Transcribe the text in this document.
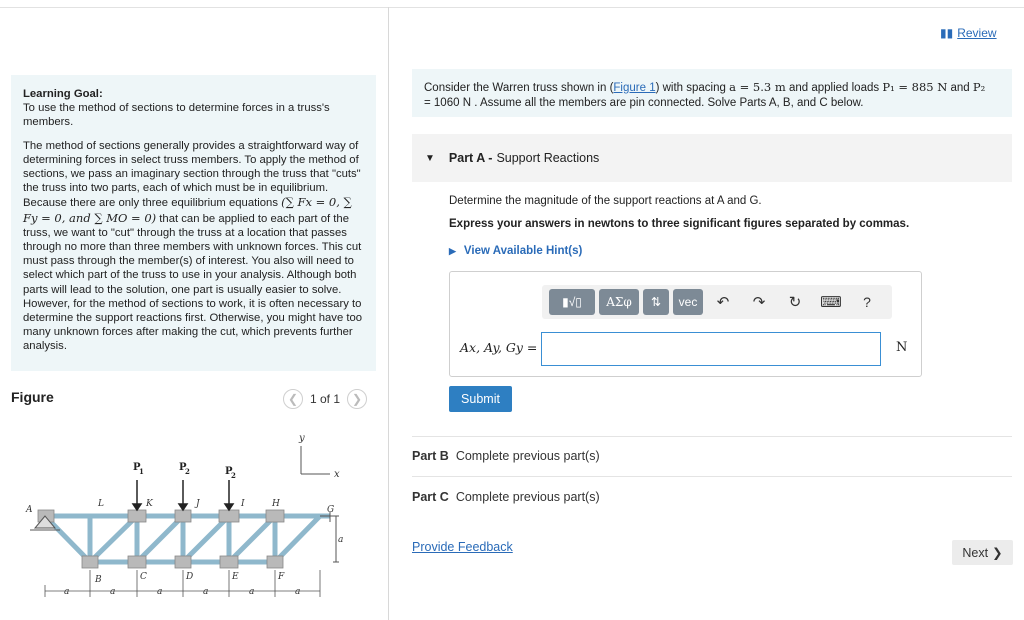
Learning Goal:

To use the method of sections to determine forces in a truss's members.

The method of sections generally provides a straightforward way of determining forces in select truss members. To apply the method of sections, we pass an imaginary section through the truss that "cuts" the truss into two parts, each of which must be in equilibrium. Because there are only three equilibrium equations (∑ Fx = 0, ∑ Fy = 0, and ∑ MO = 0) that can be applied to each part of the truss, we want to "cut" through the truss at a location that passes through no more than three members with unknown forces. This cut must pass through the member(s) of interest. You also will need to select which part of the truss to use in your analysis. Although both parts will lead to the solution, one part is usually easier to solve. However, for the method of sections to work, it is often necessary to determine the support reactions first. Otherwise, you might have too many unknown forces after making the cut, which prevents further analysis.

Figure	❮ 1 of 1 ❯
y
x
P
1	P
2	P
2
A
L	K	J	I	H
G
B	C	D	E	F
a
a	a	a	a	a	a
▮▮ Review
Consider the Warren truss shown in (Figure 1) with spacing a = 5.3 m and applied loads P₁ = 885 N and P₂
= 1060 N . Assume all the members are pin connected. Solve Parts A, B, and C below.
▼ Part A - Support Reactions
Determine the magnitude of the support reactions at A and G.
Express your answers in newtons to three significant figures separated by commas.
▶ View Available Hint(s)
▮√▯	ΑΣφ	⇅	vec	↶	↷	↻	⌨	?
Ax, Ay, Gy =	N
Submit
Part B Complete previous part(s)
Part C Complete previous part(s)
Provide Feedback	Next ❯
